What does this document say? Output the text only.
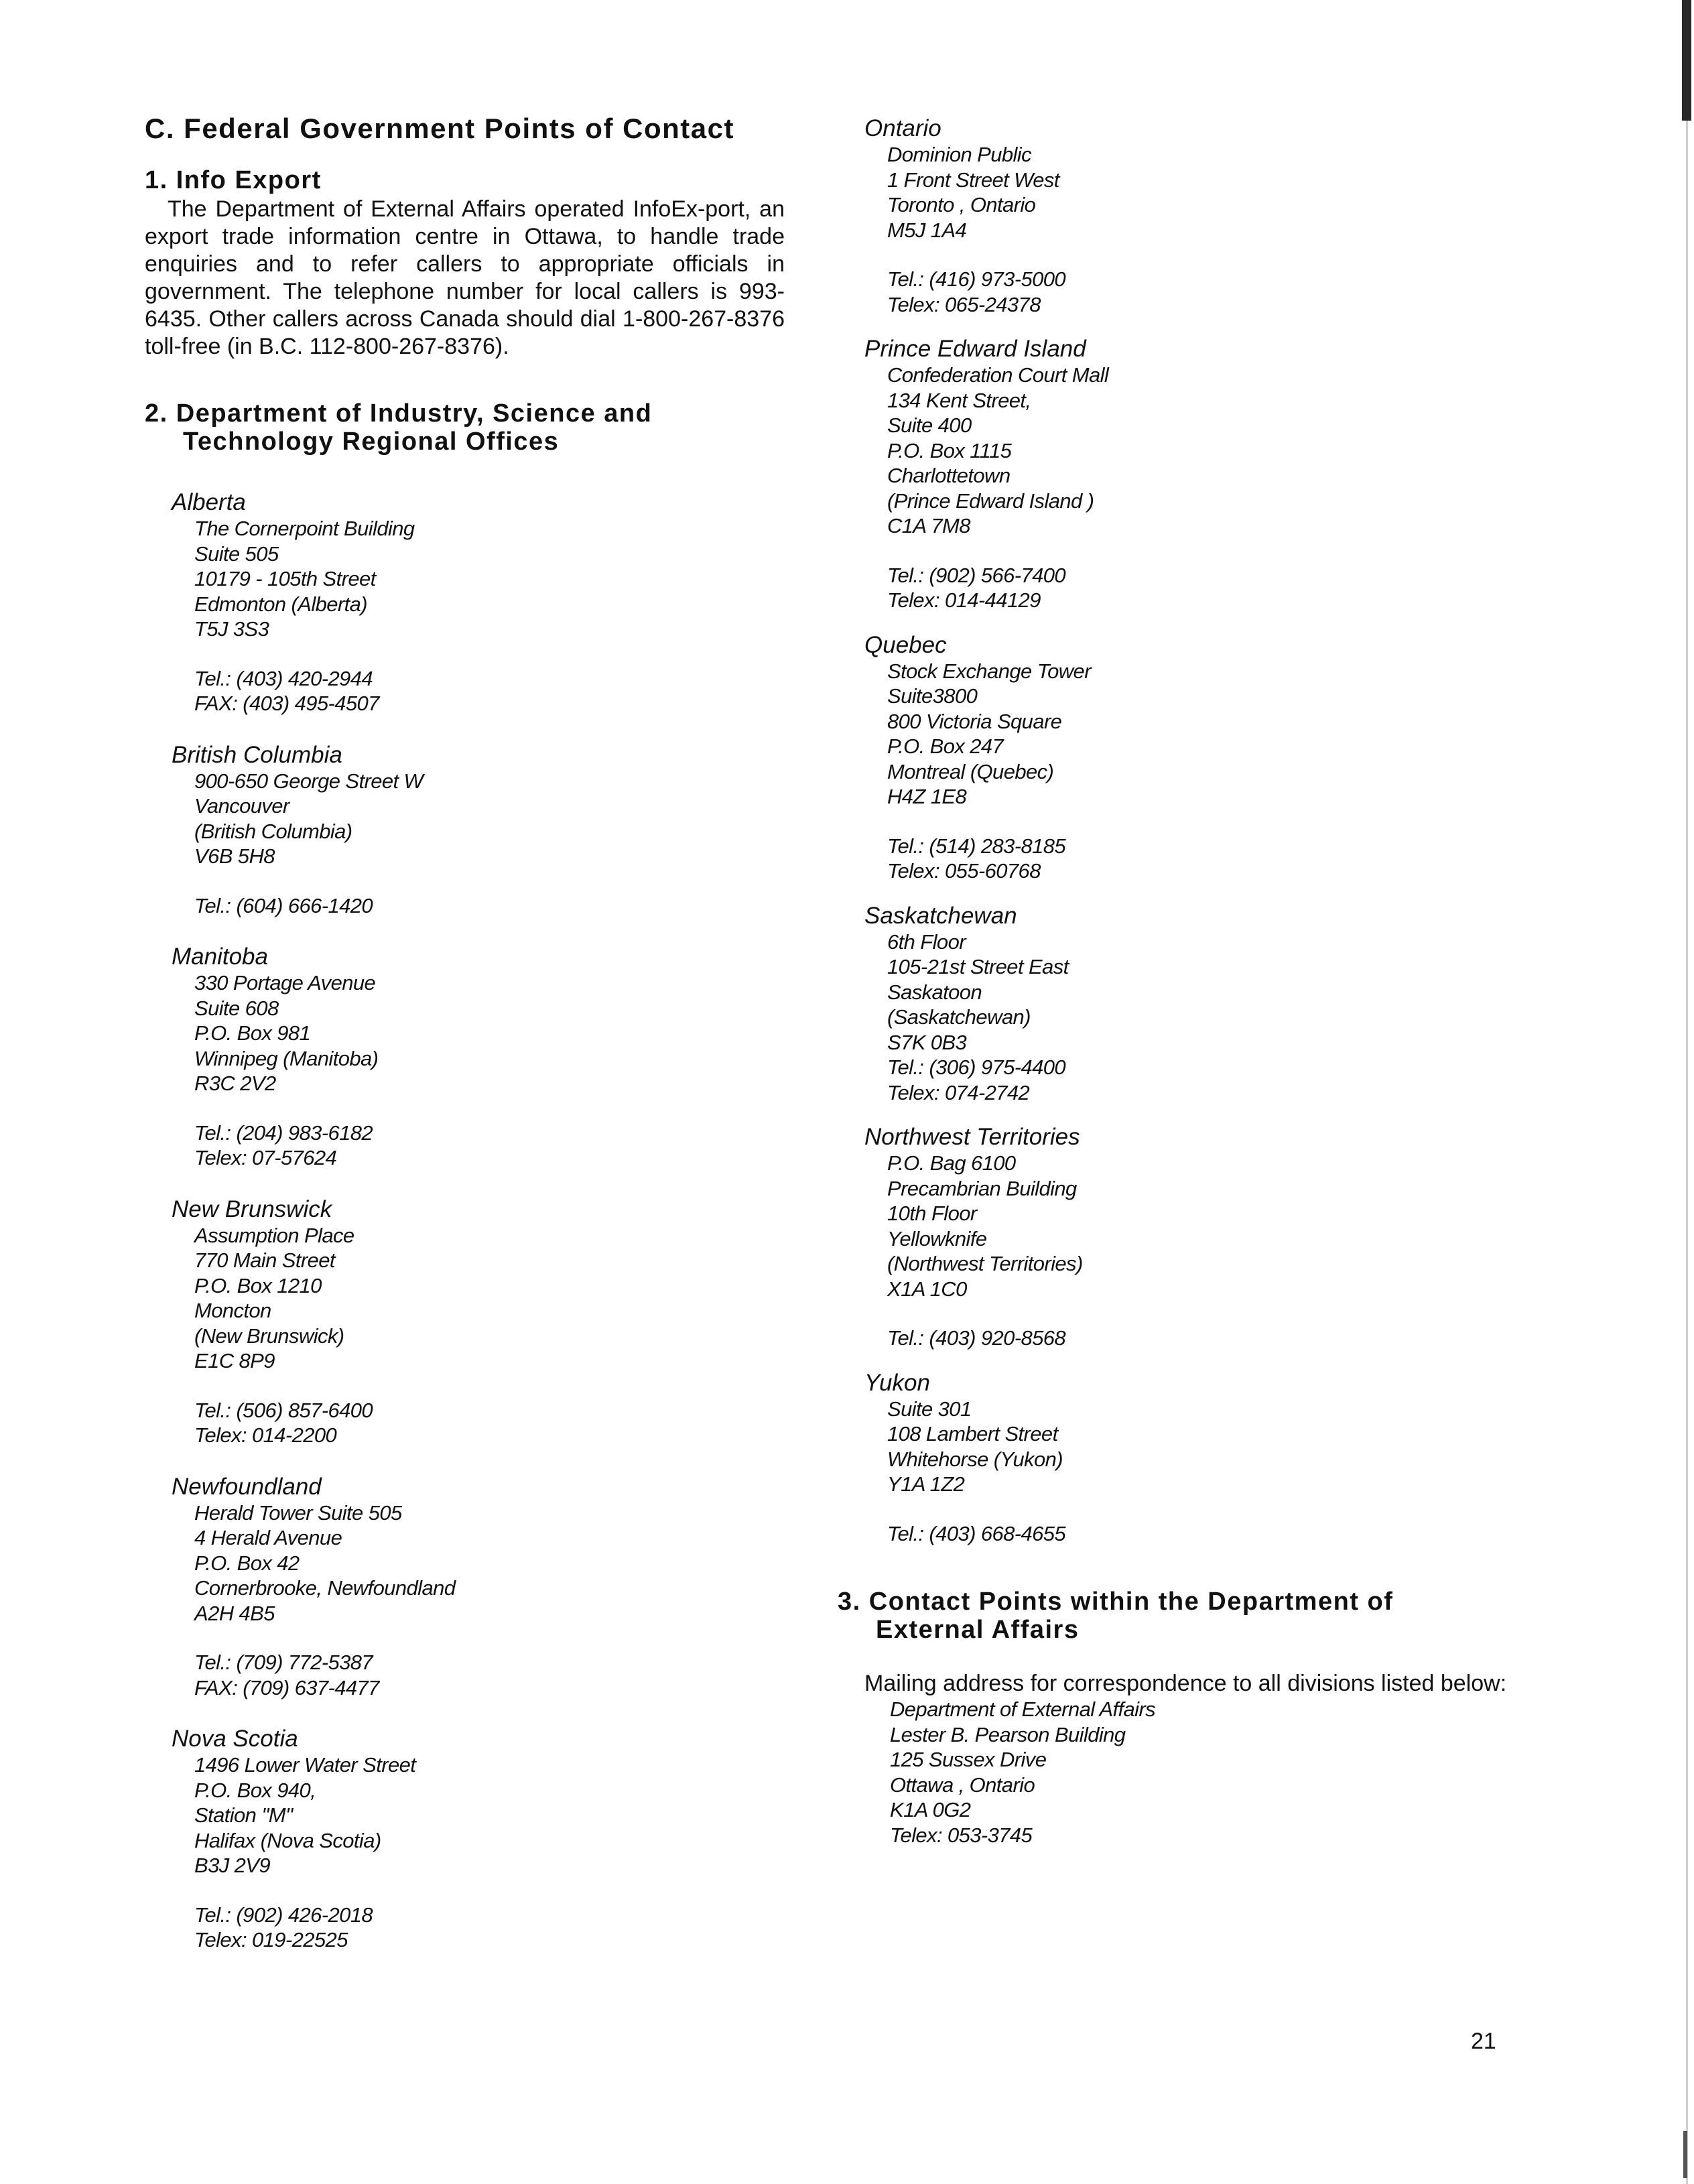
C. Federal Government Points of Contact
1. Info Export

The Department of External Affairs operated InfoEx-port, an export trade information centre in Ottawa, to handle trade enquiries and to refer callers to appropriate officials in government. The telephone number for local callers is 993-6435. Other callers across Canada should dial 1-800-267-8376 toll-free (in B.C. 112-800-267-8376).

2. Department of Industry, Science and
Technology Regional Offices
Alberta
The Cornerpoint Building
Suite 505
10179 - 105th Street
Edmonton (Alberta)
T5J 3S3
Tel.: (403) 420-2944
FAX: (403) 495-4507
British Columbia
900-650 George Street W
Vancouver
(British Columbia)
V6B 5H8
Tel.: (604) 666-1420
Manitoba
330 Portage Avenue
Suite 608
P.O. Box 981
Winnipeg (Manitoba)
R3C 2V2
Tel.: (204) 983-6182
Telex: 07-57624
New Brunswick
Assumption Place
770 Main Street
P.O. Box 1210
Moncton
(New Brunswick)
E1C 8P9
Tel.: (506) 857-6400
Telex: 014-2200
Newfoundland
Herald Tower Suite 505
4 Herald Avenue
P.O. Box 42
Cornerbrooke, Newfoundland
A2H 4B5
Tel.: (709) 772-5387
FAX: (709) 637-4477
Nova Scotia
1496 Lower Water Street
P.O. Box 940,
Station "M"
Halifax (Nova Scotia)
B3J 2V9
Tel.: (902) 426-2018
Telex: 019-22525
Ontario
Dominion Public
1 Front Street West
Toronto , Ontario
M5J 1A4
Tel.: (416) 973-5000
Telex: 065-24378
Prince Edward Island
Confederation Court Mall
134 Kent Street,
Suite 400
P.O. Box 1115
Charlottetown
(Prince Edward Island )
C1A 7M8
Tel.: (902) 566-7400
Telex: 014-44129
Quebec
Stock Exchange Tower
Suite3800
800 Victoria Square
P.O. Box 247
Montreal (Quebec)
H4Z 1E8
Tel.: (514) 283-8185
Telex: 055-60768
Saskatchewan
6th Floor
105-21st Street East
Saskatoon
(Saskatchewan)
S7K 0B3
Tel.: (306) 975-4400
Telex: 074-2742
Northwest Territories
P.O. Bag 6100
Precambrian Building
10th Floor
Yellowknife
(Northwest Territories)
X1A 1C0
Tel.: (403) 920-8568
Yukon
Suite 301
108 Lambert Street
Whitehorse (Yukon)
Y1A 1Z2
Tel.: (403) 668-4655
3. Contact Points within the Department of
External Affairs

Mailing address for correspondence to all divisions listed below:

Department of External Affairs
Lester B. Pearson Building
125 Sussex Drive
Ottawa , Ontario
K1A 0G2
Telex: 053-3745
21
